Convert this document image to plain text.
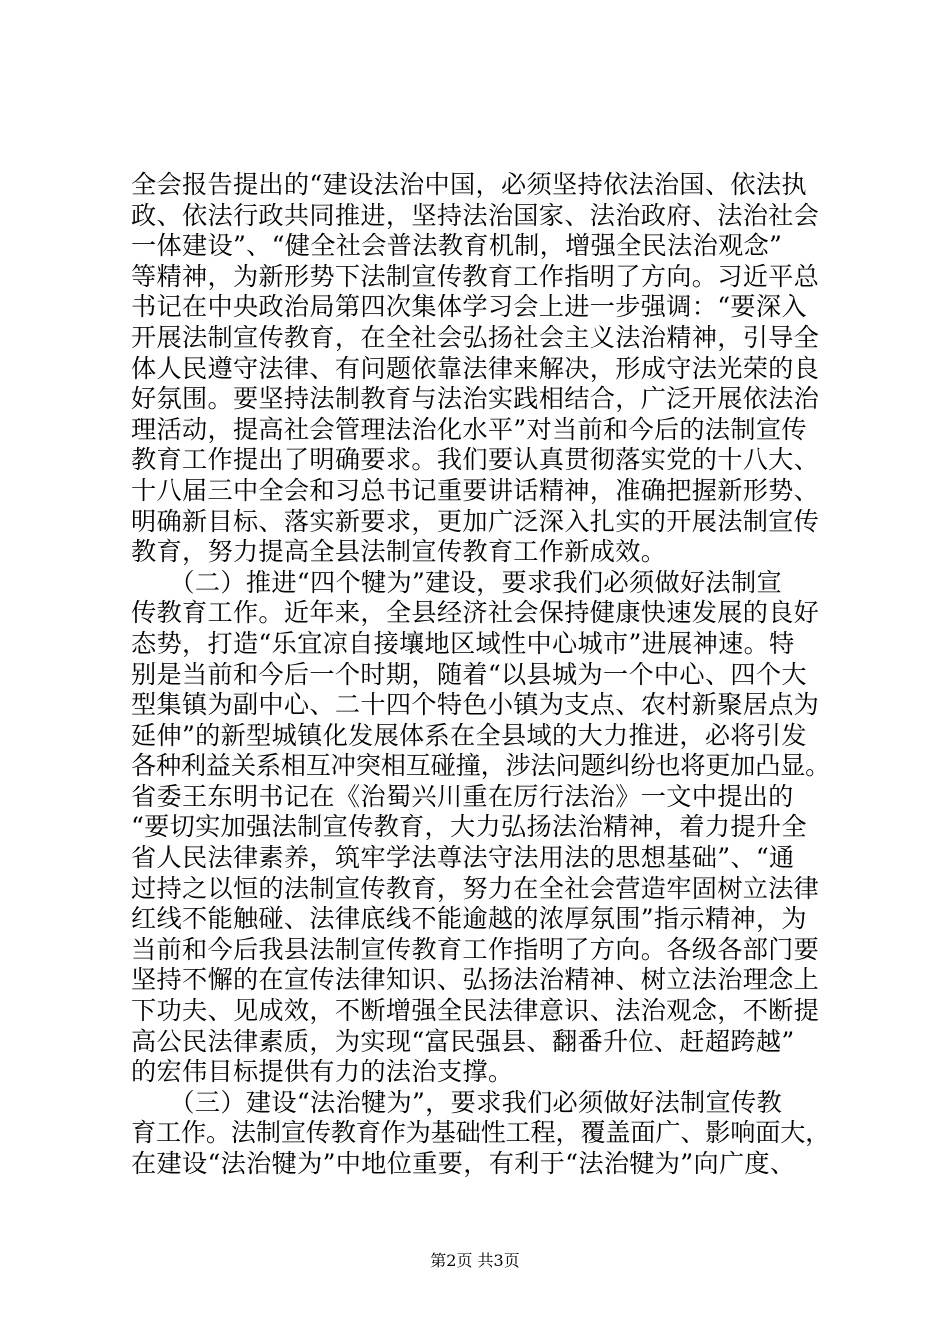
全会报告提出的“建设法治中国，必须坚持依法治国、依法执
政、依法行政共同推进，坚持法治国家、法治政府、法治社会
一体建设”、“健全社会普法教育机制，增强全民法治观念”
等精神，为新形势下法制宣传教育工作指明了方向。习近平总
书记在中央政治局第四次集体学习会上进一步强调：“要深入
开展法制宣传教育，在全社会弘扬社会主义法治精神，引导全
体人民遵守法律、有问题依靠法律来解决，形成守法光荣的良
好氛围。要坚持法制教育与法治实践相结合，广泛开展依法治
理活动，提高社会管理法治化水平”对当前和今后的法制宣传
教育工作提出了明确要求。我们要认真贯彻落实党的十八大、
十八届三中全会和习总书记重要讲话精神，准确把握新形势、
明确新目标、落实新要求，更加广泛深入扎实的开展法制宣传
教育，努力提高全县法制宣传教育工作新成效。
　　（二）推进“四个犍为”建设，要求我们必须做好法制宣
传教育工作。近年来，全县经济社会保持健康快速发展的良好
态势，打造“乐宜凉自接壤地区域性中心城市”进展神速。特
别是当前和今后一个时期，随着“以县城为一个中心、四个大
型集镇为副中心、二十四个特色小镇为支点、农村新聚居点为
延伸”的新型城镇化发展体系在全县域的大力推进，必将引发
各种利益关系相互冲突相互碰撞，涉法问题纠纷也将更加凸显。
省委王东明书记在《治蜀兴川重在厉行法治》一文中提出的
“要切实加强法制宣传教育，大力弘扬法治精神，着力提升全
省人民法律素养，筑牢学法尊法守法用法的思想基础”、“通
过持之以恒的法制宣传教育，努力在全社会营造牢固树立法律
红线不能触碰、法律底线不能逾越的浓厚氛围”指示精神，为
当前和今后我县法制宣传教育工作指明了方向。各级各部门要
坚持不懈的在宣传法律知识、弘扬法治精神、树立法治理念上
下功夫、见成效，不断增强全民法律意识、法治观念，不断提
高公民法律素质，为实现“富民强县、翻番升位、赶超跨越”
的宏伟目标提供有力的法治支撑。
　　（三）建设“法治犍为”，要求我们必须做好法制宣传教
育工作。法制宣传教育作为基础性工程，覆盖面广、影响面大，
在建设“法治犍为”中地位重要，有利于“法治犍为”向广度、
第2页 共3页
